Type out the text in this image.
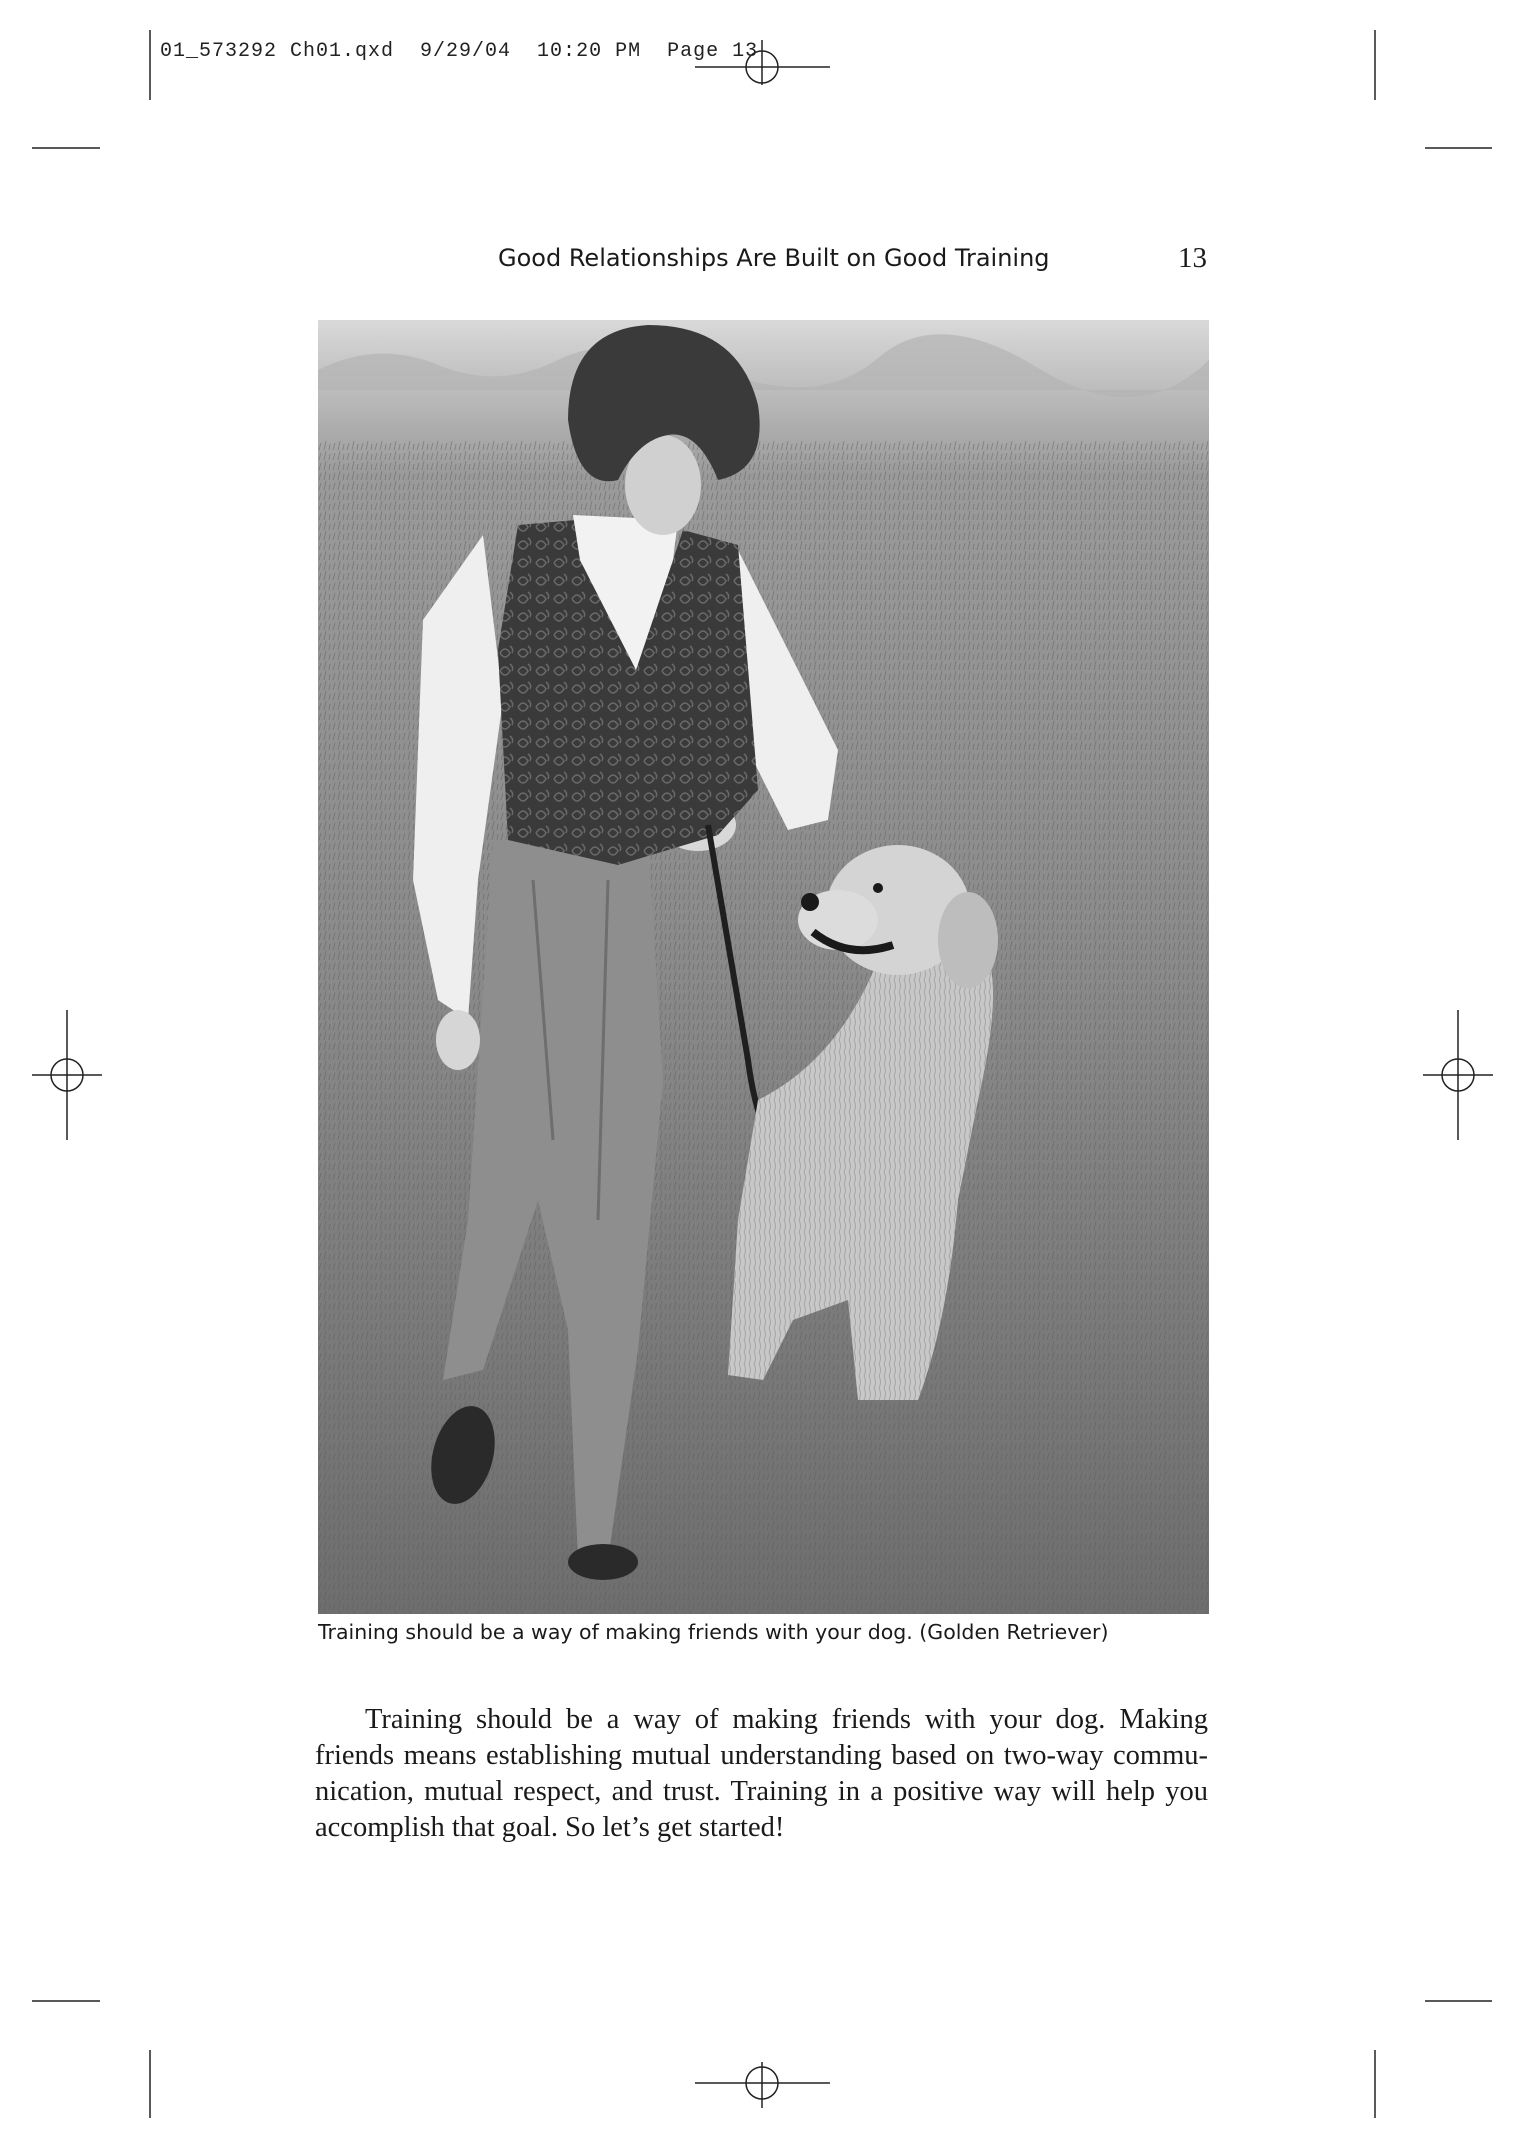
01_573292 Ch01.qxd  9/29/04  10:20 PM  Page 13
Good Relationships Are Built on Good Training	13
Training should be a way of making friends with your dog. (Golden Retriever)
Training should be a way of making friends with your dog. Making
friends means establishing mutual understanding based on two-way commu-
nication, mutual respect, and trust. Training in a positive way will help you
accomplish that goal. So let’s get started!
